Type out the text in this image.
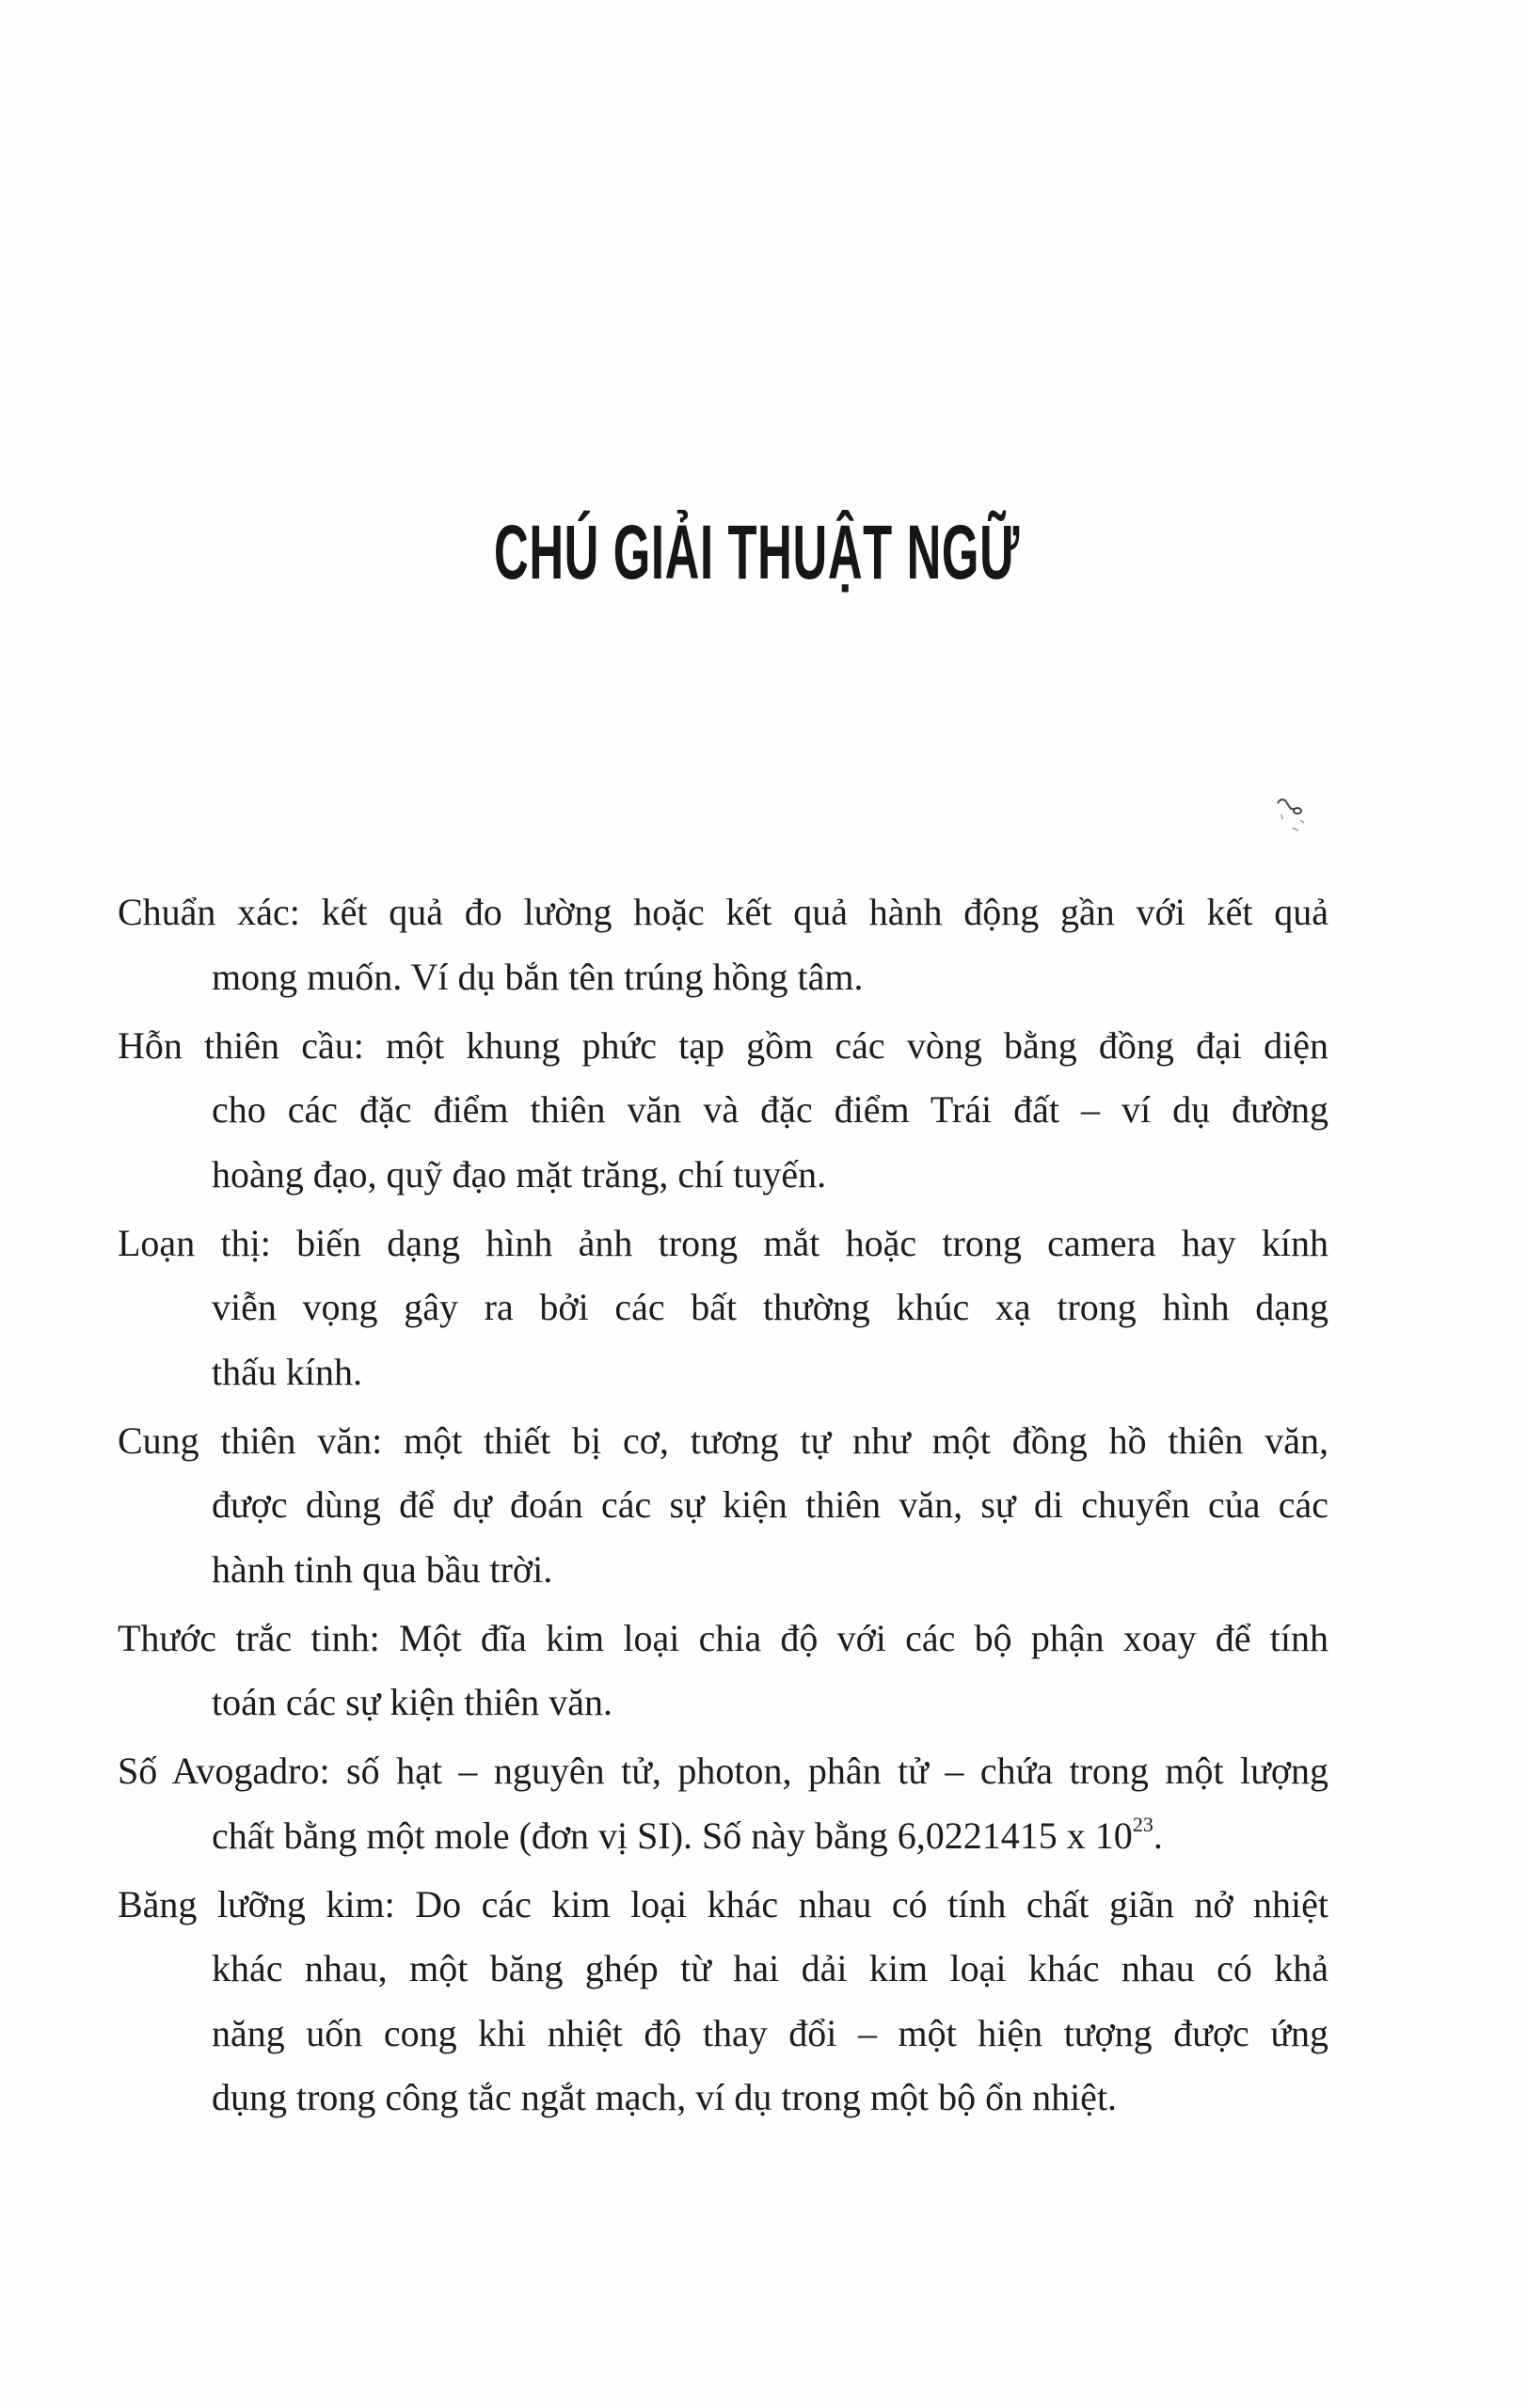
CHÚ GIẢI THUẬT NGỮ
Chuẩn xác: kết quả đo lường hoặc kết quả hành động gần với kết quả
mong muốn. Ví dụ bắn tên trúng hồng tâm.
Hỗn thiên cầu: một khung phức tạp gồm các vòng bằng đồng đại diện
cho các đặc điểm thiên văn và đặc điểm Trái đất – ví dụ đường
hoàng đạo, quỹ đạo mặt trăng, chí tuyến.
Loạn thị: biến dạng hình ảnh trong mắt hoặc trong camera hay kính
viễn vọng gây ra bởi các bất thường khúc xạ trong hình dạng
thấu kính.
Cung thiên văn: một thiết bị cơ, tương tự như một đồng hồ thiên văn,
được dùng để dự đoán các sự kiện thiên văn, sự di chuyển của các
hành tinh qua bầu trời.
Thước trắc tinh: Một đĩa kim loại chia độ với các bộ phận xoay để tính
toán các sự kiện thiên văn.
Số Avogadro: số hạt – nguyên tử, photon, phân tử – chứa trong một lượng
chất bằng một mole (đơn vị SI). Số này bằng 6,0221415 x $10^{23}$.
Băng lưỡng kim: Do các kim loại khác nhau có tính chất giãn nở nhiệt
khác nhau, một băng ghép từ hai dải kim loại khác nhau có khả
năng uốn cong khi nhiệt độ thay đổi – một hiện tượng được ứng
dụng trong công tắc ngắt mạch, ví dụ trong một bộ ổn nhiệt.
